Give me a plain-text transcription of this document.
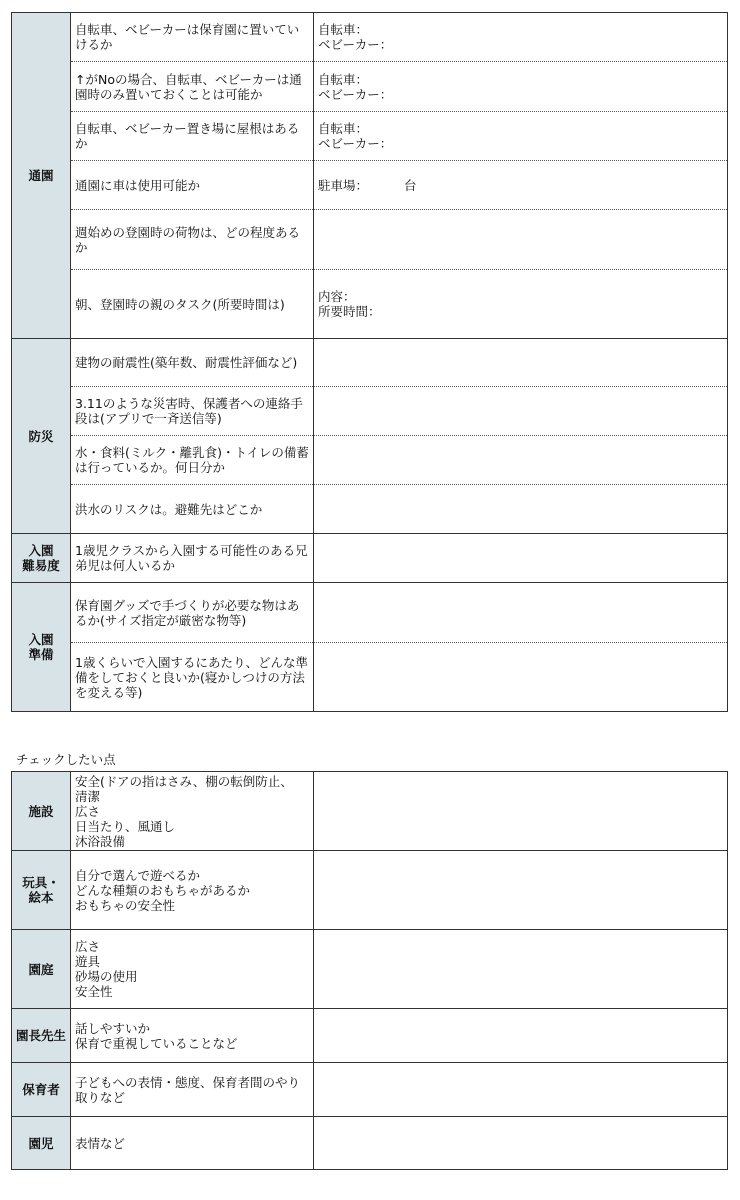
通園	自転車、ベビーカーは保育園に置いていけるか	自転車：
ベビーカー：

	↑がNoの場合、自転車、ベビーカーは通園時のみ置いておくことは可能か	自転車：
ベビーカー：

	自転車、ベビーカー置き場に屋根はあるか	自転車：
ベビーカー：

	通園に車は使用可能か	駐車場： 台
	週始めの登園時の荷物は、どの程度あるか	
	朝、登園時の親のタスク(所要時間は)	内容：
所要時間：

防災	建物の耐震性(築年数、耐震性評価など)	
	3.11のような災害時、保護者への連絡手段は(アプリで一斉送信等)	
	水・食料(ミルク・離乳食)・トイレの備蓄は行っているか。何日分か	
	洪水のリスクは。避難先はどこか	

入園
難易度	1歳児クラスから入園する可能性のある兄弟児は何人いるか	

入園
準備	保育園グッズで手づくりが必要な物はあるか(サイズ指定が厳密な物等)	
	1歳くらいで入園するにあたり、どんな準備をしておくと良いか(寝かしつけの方法を変える等)	
チェックしたい点
施設	安全(ドアの指はさみ、棚の転倒防止、
清潔
広さ
日当たり、風通し
沐浴設備	

玩具・
絵本	自分で選んで遊べるか
どんな種類のおもちゃがあるか
おもちゃの安全性	

園庭	広さ
遊具
砂場の使用
安全性	

園長先生	話しやすいか
保育で重視していることなど	

保育者	子どもへの表情・態度、保育者間のやり
取りなど	

園児	表情など	
